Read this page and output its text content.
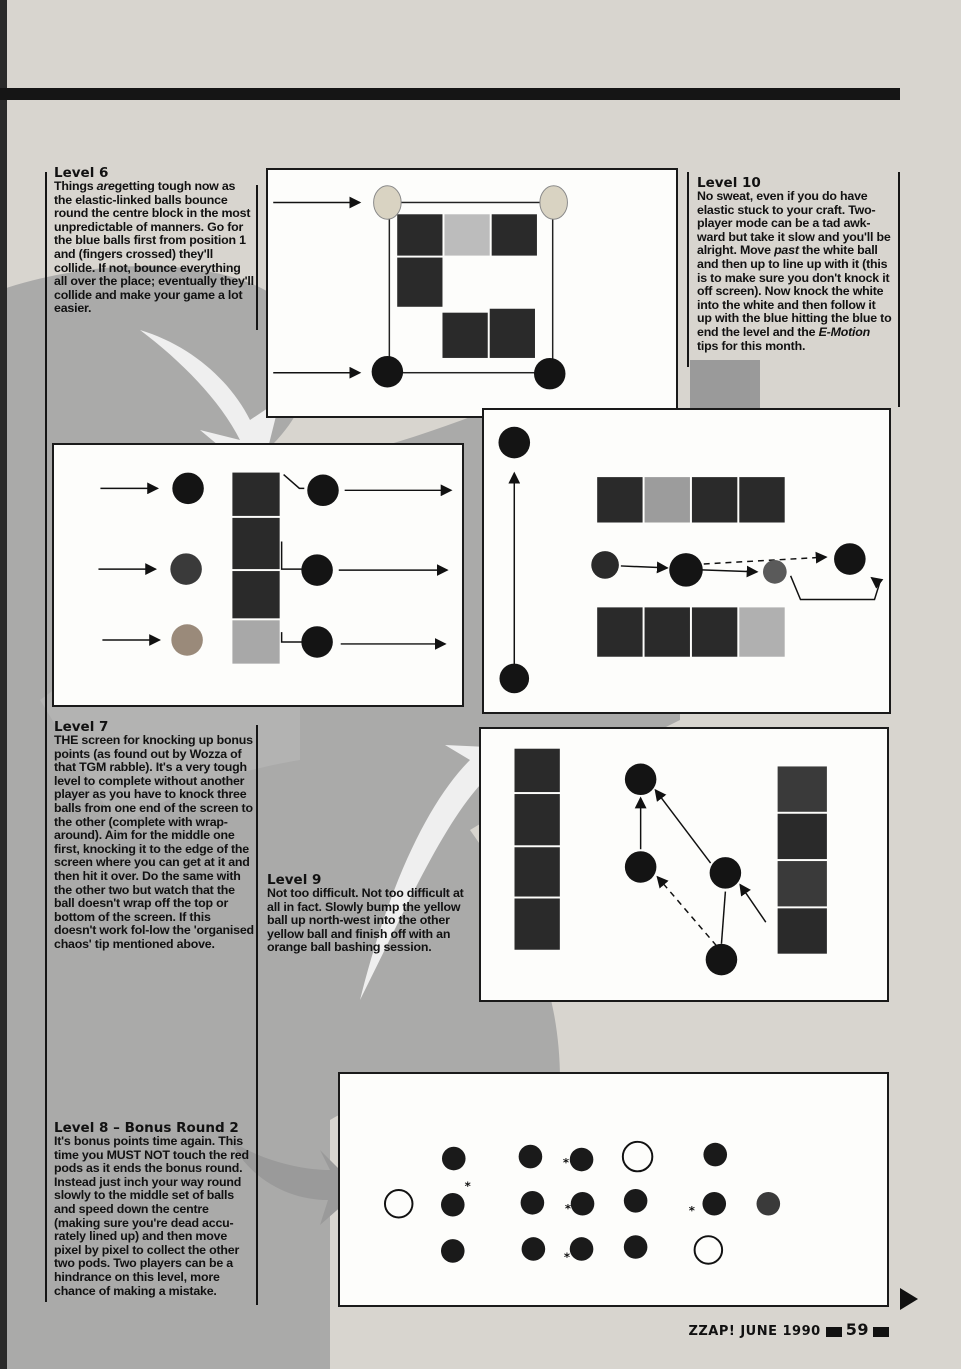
Level 6

Things aregetting tough now as the elastic-linked balls bounce round the centre block in the most unpredictable of manners. Go for the blue balls first from position 1 and (fingers crossed) they'll collide. If not, bounce everything all over the place; eventually they'll collide and make your game a lot easier.

Level 10

No sweat, even if you do have elastic stuck to your craft. Two-player mode can be a tad awk-ward but take it slow and you'll be alright. Move past the white ball and then up to line up with it (this is to make sure you don't knock it off screen). Now knock the white into the white and then follow it up with the blue hitting the blue to end the level and the E-Motion tips for this month.

Level 7

THE screen for knocking up bonus points (as found out by Wozza of that TGM rabble). It's a very tough level to complete without another player as you have to knock three balls from one end of the screen to the other (complete with wrap-around). Aim for the middle one first, knocking it to the edge of the screen where you can get at it and then hit it over. Do the same with the other two but watch that the ball doesn't wrap off the top or bottom of the screen. If this doesn't work fol-low the 'organised chaos' tip mentioned above.

Level 9

Not too difficult. Not too difficult at all in fact. Slowly bump the yellow ball up north-west into the other yellow ball and finish off with an orange ball bashing session.

Level 8 – Bonus Round 2

It's bonus points time again. This time you MUST NOT touch the red pods as it ends the bonus round. Instead just inch your way round slowly to the middle set of balls and speed down the centre (making sure you're dead accu-rately lined up) and then move pixel by pixel to collect the other two pods. Two players can be a hindrance on this level, more chance of making a mistake.

*
*
*
*
*
ZZAP! JUNE 1990 59
